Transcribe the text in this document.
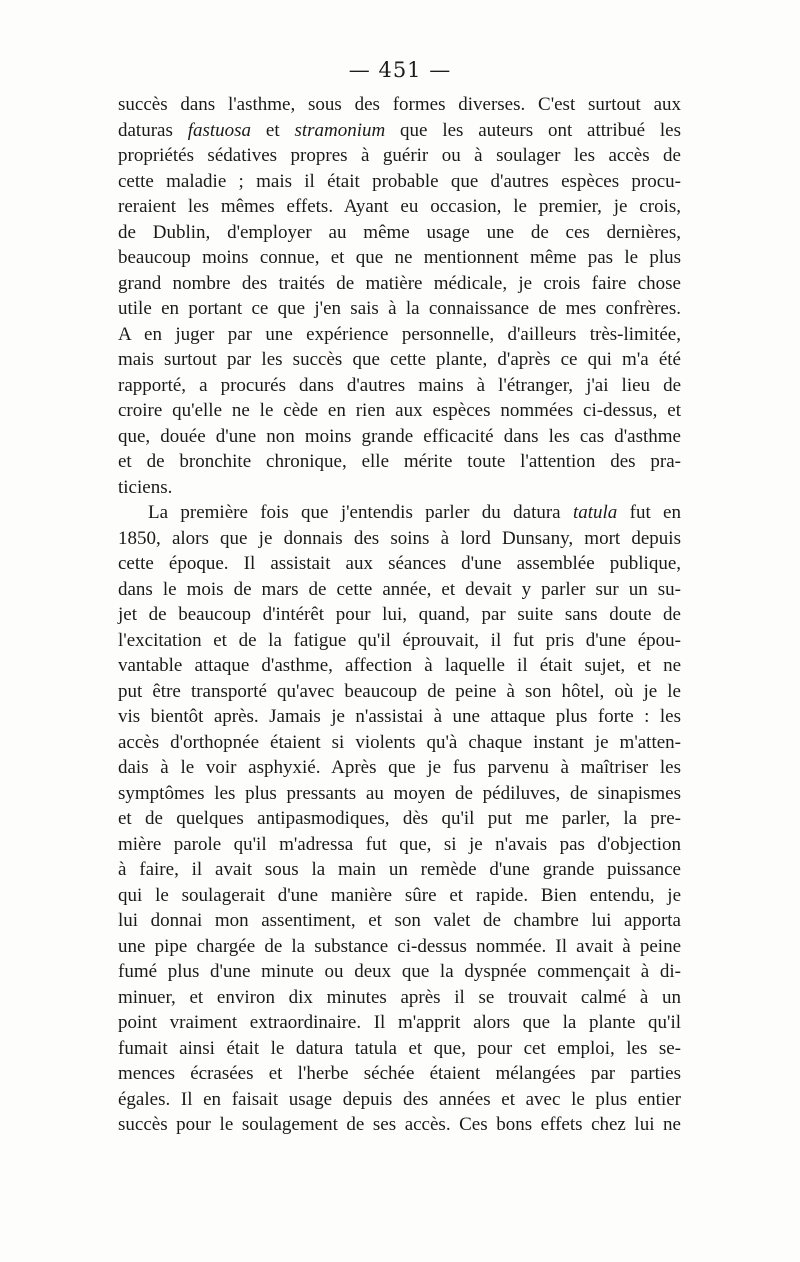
— 451 —
succès dans l'asthme, sous des formes diverses. C'est surtout aux
daturas fastuosa et stramonium que les auteurs ont attribué les
propriétés sédatives propres à guérir ou à soulager les accès de
cette maladie ; mais il était probable que d'autres espèces procu-
reraient les mêmes effets. Ayant eu occasion, le premier, je crois,
de Dublin, d'employer au même usage une de ces dernières,
beaucoup moins connue, et que ne mentionnent même pas le plus
grand nombre des traités de matière médicale, je crois faire chose
utile en portant ce que j'en sais à la connaissance de mes confrères.
A en juger par une expérience personnelle, d'ailleurs très-limitée,
mais surtout par les succès que cette plante, d'après ce qui m'a été
rapporté, a procurés dans d'autres mains à l'étranger, j'ai lieu de
croire qu'elle ne le cède en rien aux espèces nommées ci-dessus, et
que, douée d'une non moins grande efficacité dans les cas d'asthme
et de bronchite chronique, elle mérite toute l'attention des pra-
ticiens.
La première fois que j'entendis parler du datura tatula fut en
1850, alors que je donnais des soins à lord Dunsany, mort depuis
cette époque. Il assistait aux séances d'une assemblée publique,
dans le mois de mars de cette année, et devait y parler sur un su-
jet de beaucoup d'intérêt pour lui, quand, par suite sans doute de
l'excitation et de la fatigue qu'il éprouvait, il fut pris d'une épou-
vantable attaque d'asthme, affection à laquelle il était sujet, et ne
put être transporté qu'avec beaucoup de peine à son hôtel, où je le
vis bientôt après. Jamais je n'assistai à une attaque plus forte : les
accès d'orthopnée étaient si violents qu'à chaque instant je m'atten-
dais à le voir asphyxié. Après que je fus parvenu à maîtriser les
symptômes les plus pressants au moyen de pédiluves, de sinapismes
et de quelques antipasmodiques, dès qu'il put me parler, la pre-
mière parole qu'il m'adressa fut que, si je n'avais pas d'objection
à faire, il avait sous la main un remède d'une grande puissance
qui le soulagerait d'une manière sûre et rapide. Bien entendu, je
lui donnai mon assentiment, et son valet de chambre lui apporta
une pipe chargée de la substance ci-dessus nommée. Il avait à peine
fumé plus d'une minute ou deux que la dyspnée commençait à di-
minuer, et environ dix minutes après il se trouvait calmé à un
point vraiment extraordinaire. Il m'apprit alors que la plante qu'il
fumait ainsi était le datura tatula et que, pour cet emploi, les se-
mences écrasées et l'herbe séchée étaient mélangées par parties
égales. Il en faisait usage depuis des années et avec le plus entier
succès pour le soulagement de ses accès. Ces bons effets chez lui ne
